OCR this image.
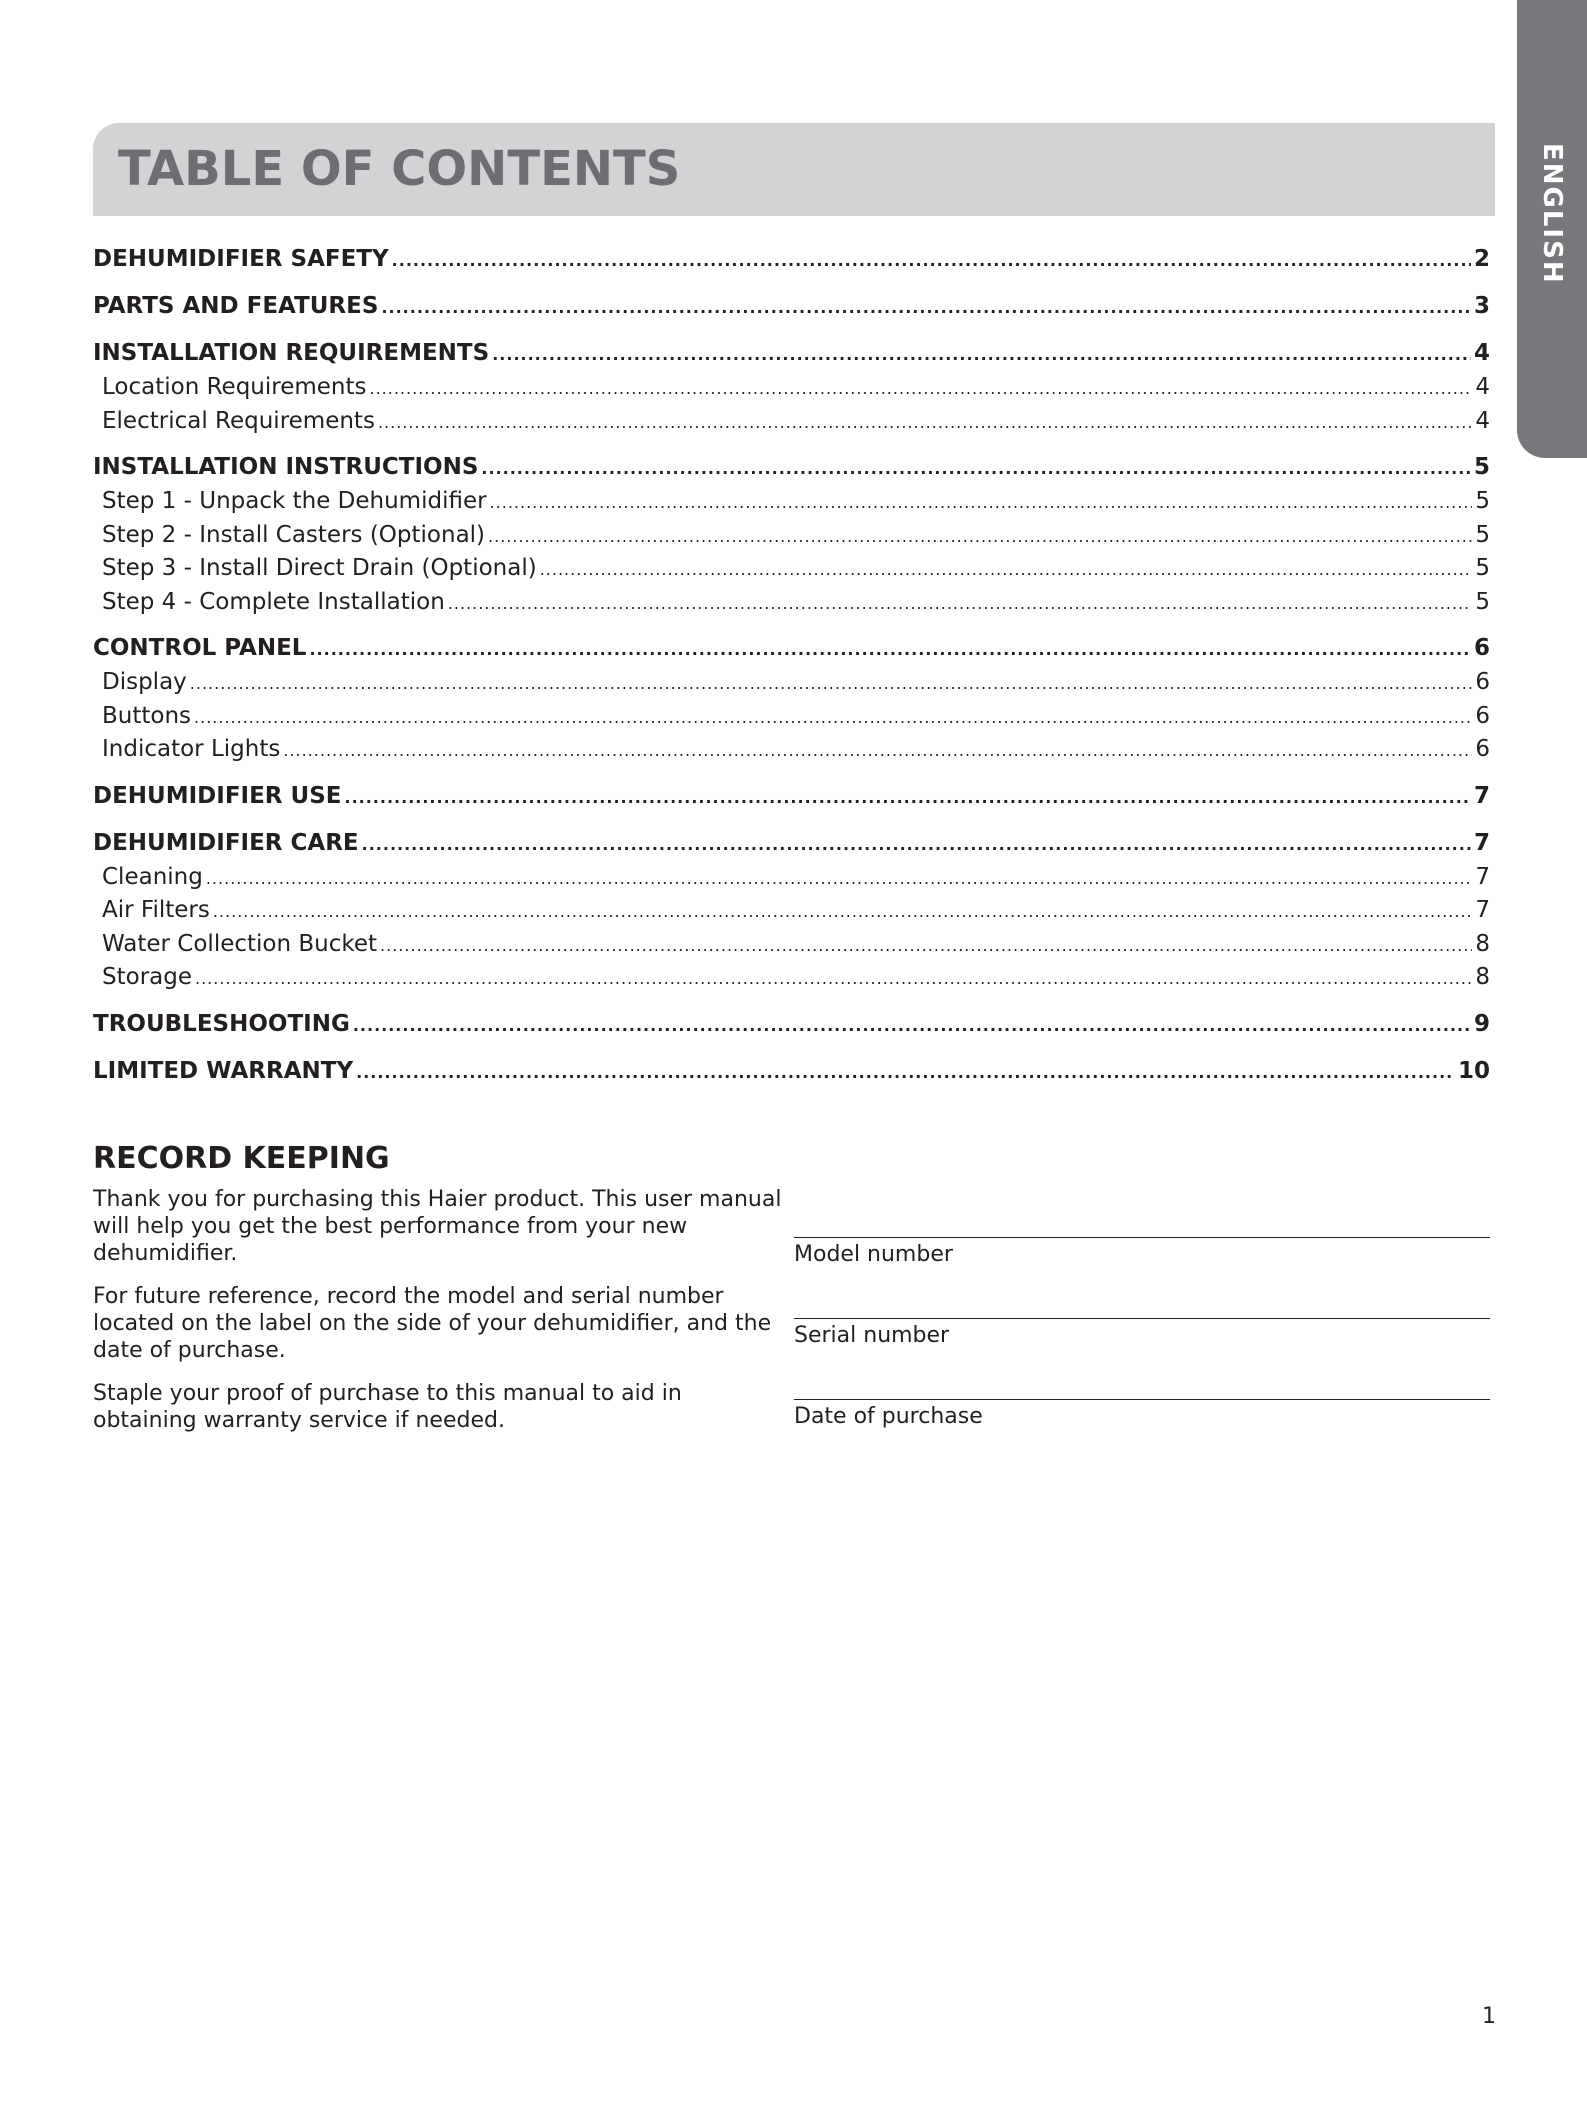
ENGLISH
TABLE OF CONTENTS
DEHUMIDIFIER SAFETY .....	2
PARTS AND FEATURES .....	3
INSTALLATION REQUIREMENTS .....	4
Location Requirements .....	4
Electrical Requirements .....	4
INSTALLATION INSTRUCTIONS .....	5
Step 1 - Unpack the Dehumidifier .....	5
Step 2 - Install Casters (Optional) .....	5
Step 3 - Install Direct Drain (Optional) .....	5
Step 4 - Complete Installation .....	5
CONTROL PANEL .....	6
Display .....	6
Buttons .....	6
Indicator Lights .....	6
DEHUMIDIFIER USE .....	7
DEHUMIDIFIER CARE .....	7
Cleaning .....	7
Air Filters .....	7
Water Collection Bucket .....	8
Storage .....	8
TROUBLESHOOTING .....	9
LIMITED WARRANTY .....	10
RECORD KEEPING

Thank you for purchasing this Haier product. This user manual will help you get the best performance from your new dehumidifier.

For future reference, record the model and serial number located on the label on the side of your dehumidifier, and the date of purchase.

Staple your proof of purchase to this manual to aid in obtaining warranty service if needed.

Model number
Serial number
Date of purchase
1
